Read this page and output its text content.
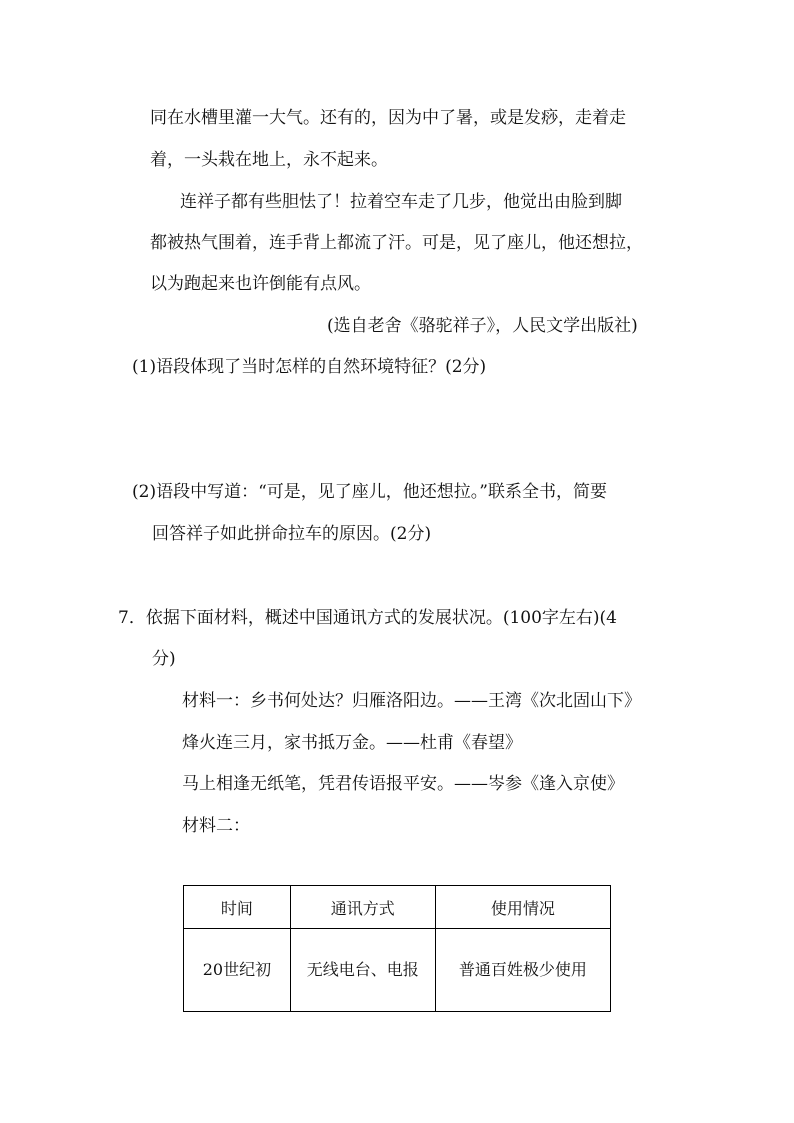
同在水槽里灌一大气。还有的，因为中了暑，或是发痧，走着走
着，一头栽在地上，永不起来。
连祥子都有些胆怯了！拉着空车走了几步，他觉出由脸到脚
都被热气围着，连手背上都流了汗。可是，见了座儿，他还想拉，
以为跑起来也许倒能有点风。
(选自老舍《骆驼祥子》，人民文学出版社)
(1)语段体现了当时怎样的自然环境特征？(2分)
(2)语段中写道：“可是，见了座儿，他还想拉。”联系全书，简要
回答祥子如此拼命拉车的原因。(2分)
7．依据下面材料，概述中国通讯方式的发展状况。(100字左右)(4
分)
材料一：乡书何处达？归雁洛阳边。——王湾《次北固山下》
烽火连三月，家书抵万金。——杜甫《春望》
马上相逢无纸笔，凭君传语报平安。——岑参《逢入京使》
材料二：
时间	通讯方式	使用情况
20世纪初	无线电台、电报	普通百姓极少使用
